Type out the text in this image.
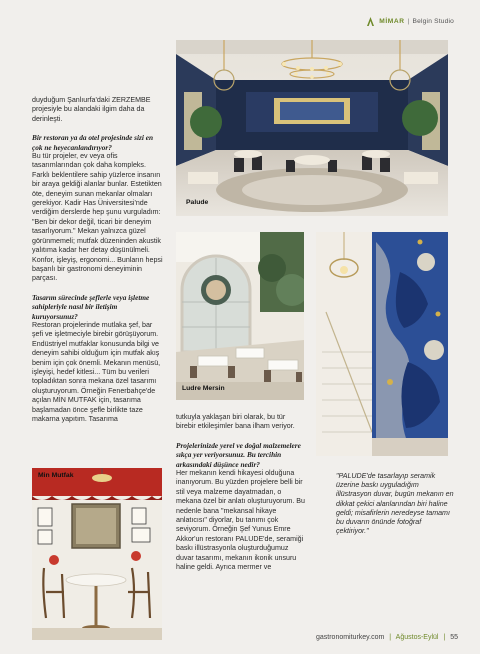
MİMAR | Belgin Studio

duyduğum Şanlıurfa'daki ZERZEMBE projesiyle bu alandaki ilgim daha da derinleşti.

Bir restoran ya da otel projesinde sizi en çok ne heyecanlandırıyor?

Bu tür projeler, ev veya ofis tasarımlarından çok daha kompleks. Farklı beklentilere sahip yüzlerce insanın bir araya geldiği alanlar bunlar. Estetikten öte, deneyim sunan mekanlar olmaları gerekiyor. Kadir Has Üniversitesi'nde verdiğim derslerde hep şunu vurguladım: "Ben bir dekor değil, ticari bir deneyim tasarlıyorum." Mekan yalnızca güzel görünmemeli; mutfak düzeninden akustik yalıtıma kadar her detay düşünülmeli. Konfor, işleyiş, ergonomi... Bunların hepsi başarılı bir gastronomi deneyiminin parçası.

Tasarım sürecinde şeflerle veya işletme sahipleriyle nasıl bir iletişim kuruyorsunuz?

Restoran projelerinde mutlaka şef, bar şefi ve işletmeciyle birebir görüşüyorum. Endüstriyel mutfaklar konusunda bilgi ve deneyim sahibi olduğum için mutfak akış benim için çok önemli. Mekanın menüsü, işleyişi, hedef kitlesi... Tüm bu verileri topladıktan sonra mekana özel tasarımı oluşturuyorum. Örneğin Fenerbahçe'de açılan MİN MUTFAK için, tasarıma başlamadan önce şefle birlikte taze makarna yapıtım. Tasarıma	tutkuyla yaklaşan biri olarak, bu tür birebir etkileşimler bana ilham veriyor.

Projelerinizde yerel ve doğal malzemelere sıkça yer veriyorsunuz. Bu tercihin arkasındaki düşünce nedir?

Her mekanın kendi hikayesi olduğuna inanıyorum. Bu yüzden projelere belli bir stil veya malzeme dayatmadan, o mekana özel bir anlatı oluşturuyorum. Bu nedenle bana "mekansal hikaye anlatıcısı" diyorlar, bu tanımı çok seviyorum. Örneğin Şef Yunus Emre Akkor'un restoranı PALUDE'de, seramiği baskı illüstrasyonla oluşturduğumuz duvar tasarımı, mekanın ikonik unsuru haline geldi. Ayrıca mermer ve

"PALUDE'de tasarlayıp seramik üzerine baskı uyguladığım illüstrasyon duvar, bugün mekanın en dikkat çekici alanlarından biri haline geldi; misafirlerin neredeyse tamamı bu duvarın önünde fotoğraf çektiriyor."
Palude
Ludre Mersin
Min Mutfak
gastronomiturkey.com | Ağustos-Eylül | 55
